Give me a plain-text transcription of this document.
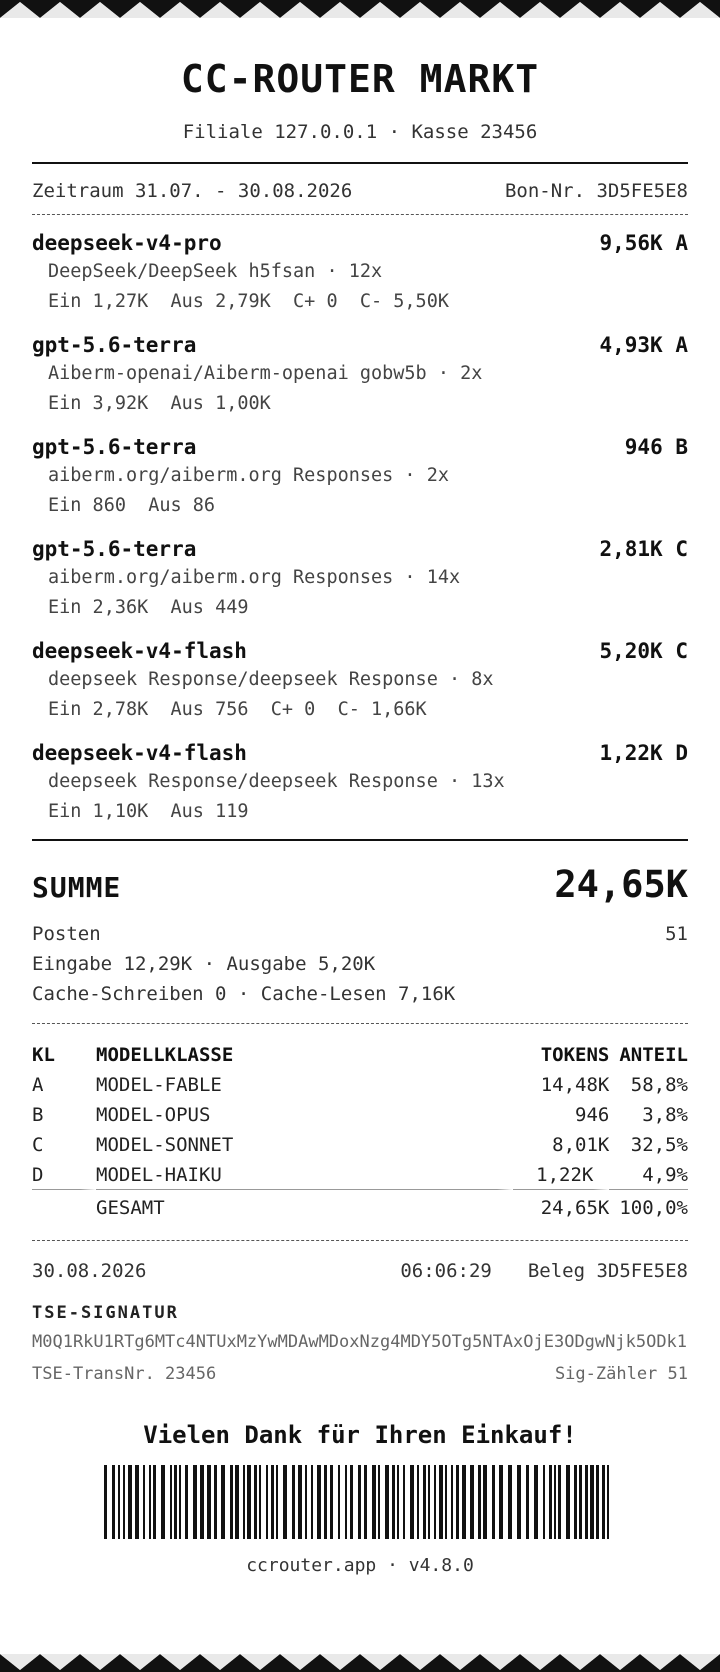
CC-ROUTER MARKT
Filiale 127.0.0.1 · Kasse 23456
Zeitraum 31.07. - 30.08.2026	Bon-Nr. 3D5FE5E8
deepseek-v4-pro	9,56K A
DeepSeek/DeepSeek h5fsan · 12x
Ein 1,27K  Aus 2,79K  C+ 0  C- 5,50K
gpt-5.6-terra	4,93K A
Aiberm-openai/Aiberm-openai gobw5b · 2x
Ein 3,92K  Aus 1,00K
gpt-5.6-terra	946 B
aiberm.org/aiberm.org Responses · 2x
Ein 860  Aus 86
gpt-5.6-terra	2,81K C
aiberm.org/aiberm.org Responses · 14x
Ein 2,36K  Aus 449
deepseek-v4-flash	5,20K C
deepseek Response/deepseek Response · 8x
Ein 2,78K  Aus 756  C+ 0  C- 1,66K
deepseek-v4-flash	1,22K D
deepseek Response/deepseek Response · 13x
Ein 1,10K  Aus 119
SUMME	24,65K
Posten	51
Eingabe 12,29K · Ausgabe 5,20K
Cache-Schreiben 0 · Cache-Lesen 7,16K
KL	MODELLKLASSE	TOKENS	ANTEIL
A	MODEL-FABLE	14,48K	58,8%
B	MODEL-OPUS	946	3,8%
C	MODEL-SONNET	8,01K	32,5%
D	MODEL-HAIKU	1,22K	4,9%
	GESAMT	24,65K	100,0%
30.08.2026	06:06:29 Beleg 3D5FE5E8
TSE-SIGNATUR
M0Q1RkU1RTg6MTc4NTUxMzYwMDAwMDoxNzg4MDY5OTg5NTAxOjE3ODgwNjk5ODk1
TSE-TransNr. 23456	Sig-Zähler 51
Vielen Dank für Ihren Einkauf!
ccrouter.app · v4.8.0
